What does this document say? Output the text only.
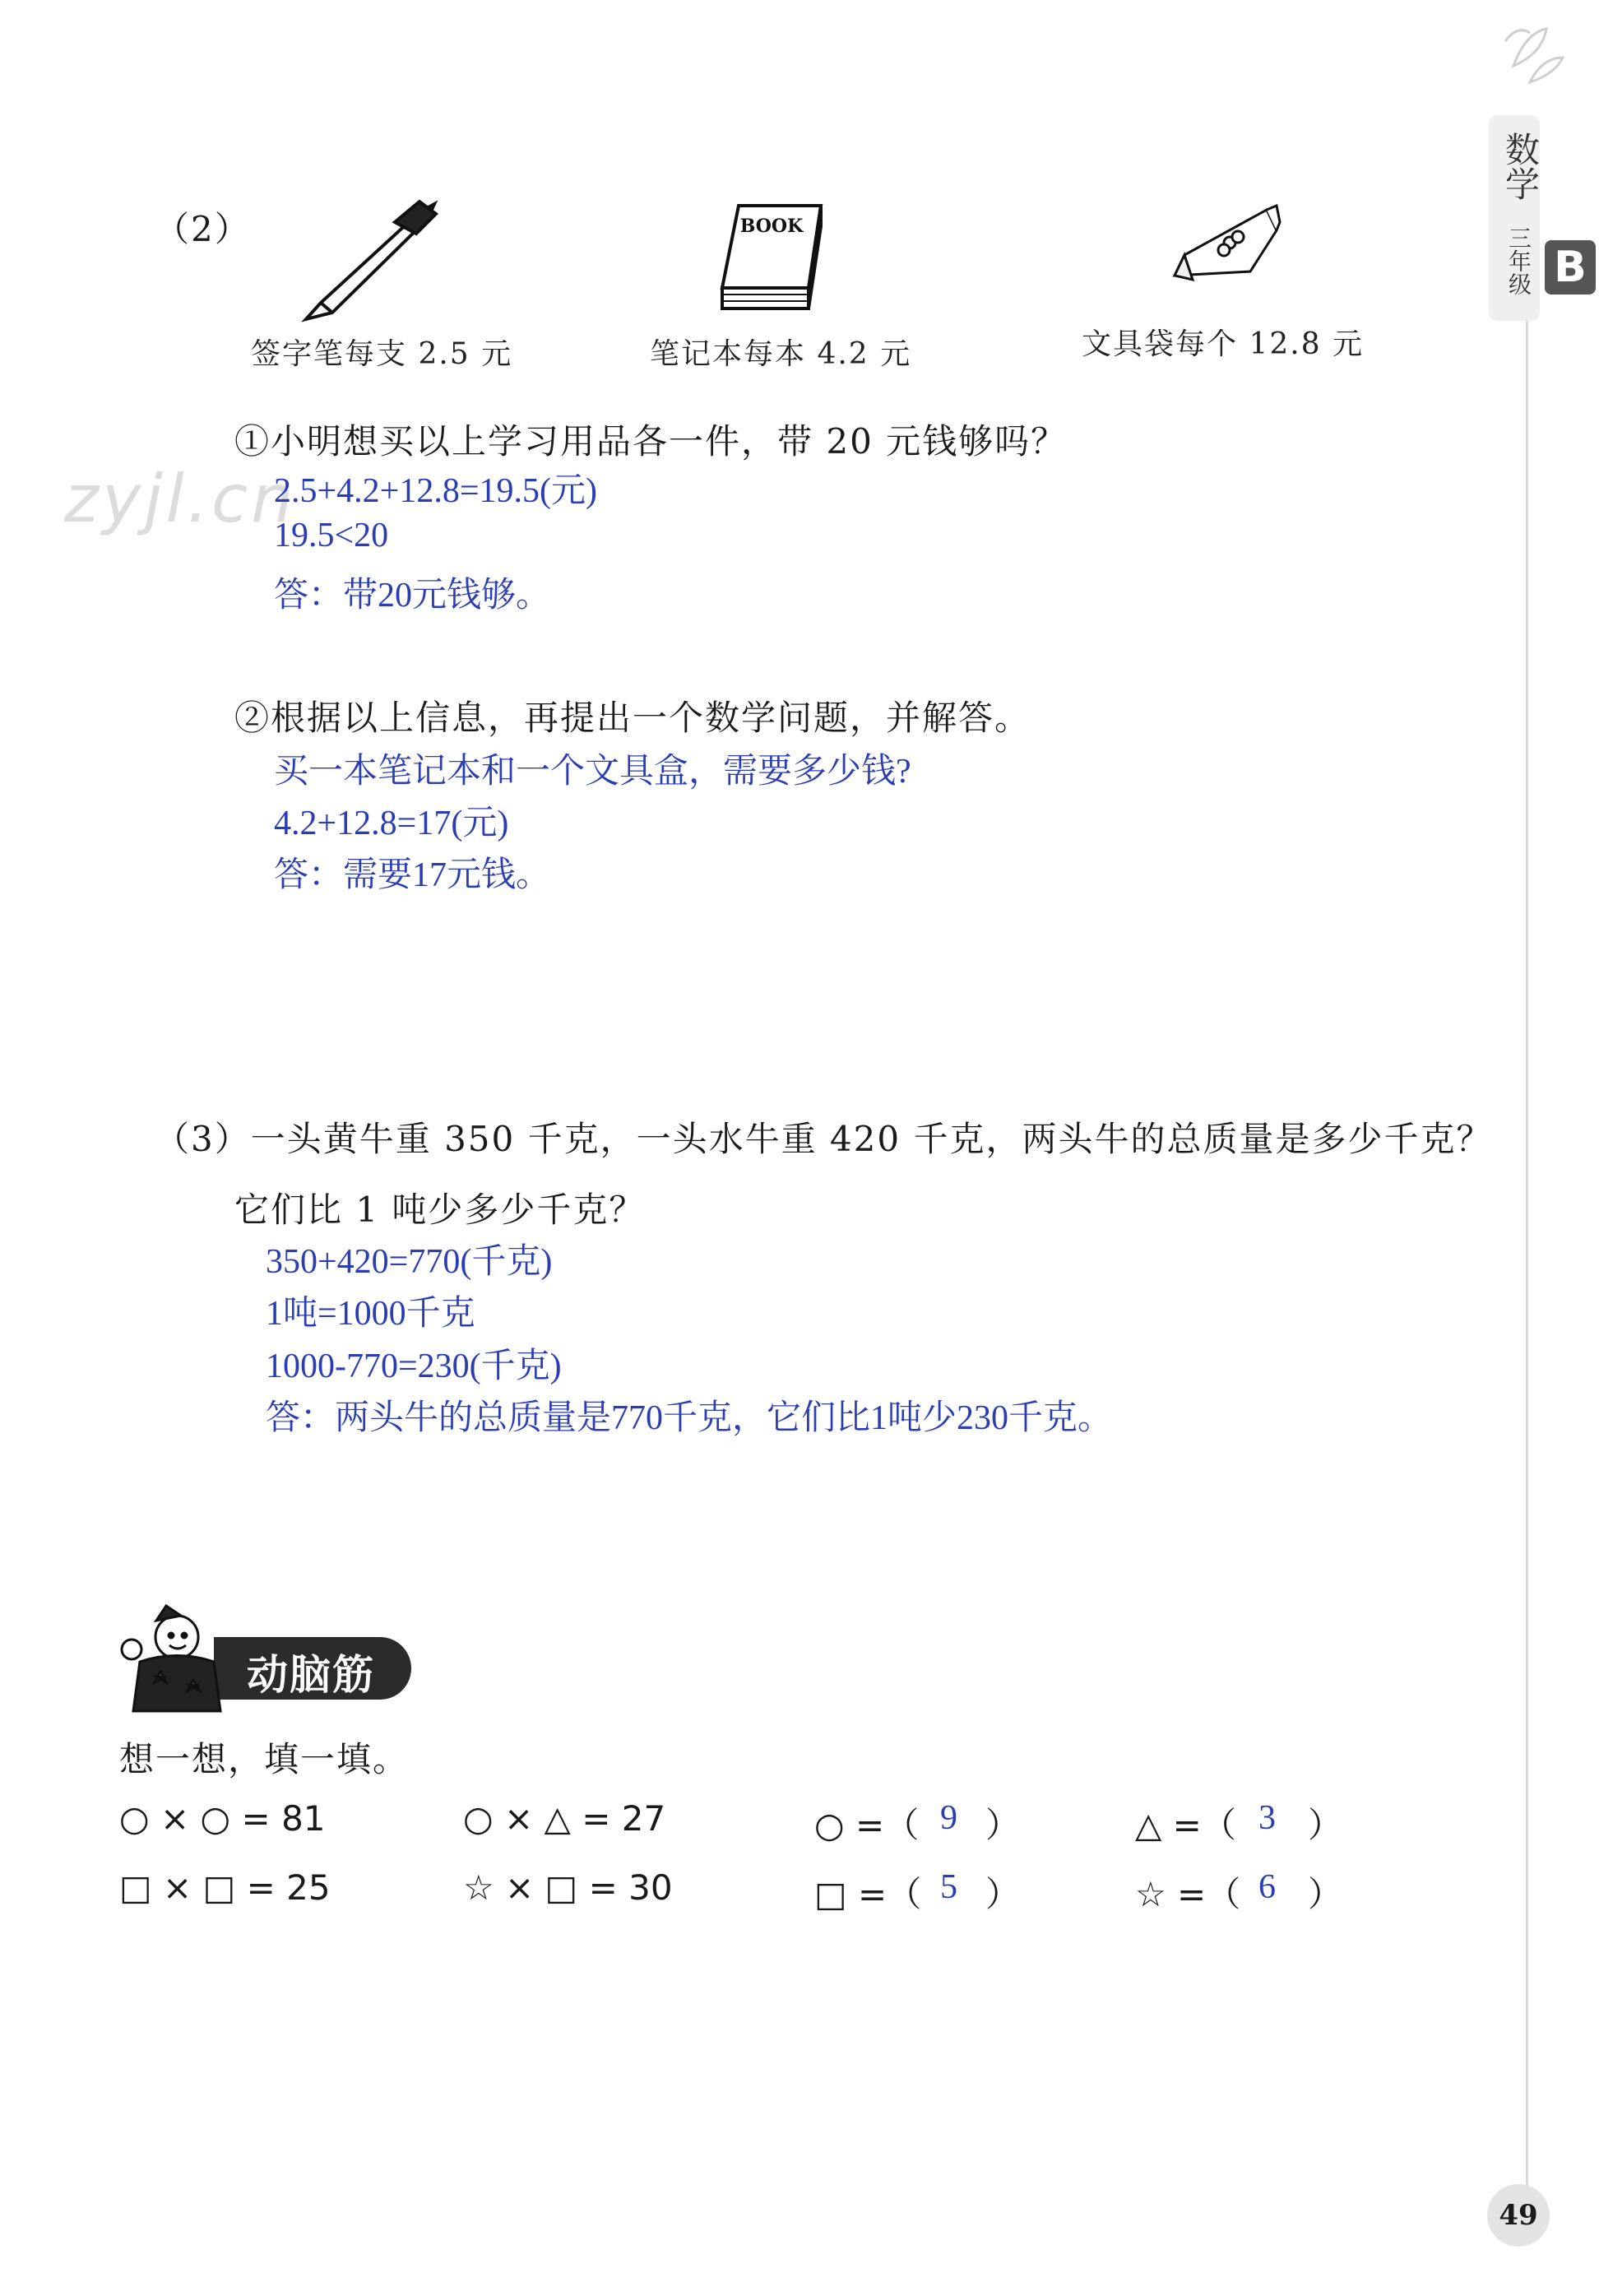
数学
三年级 B
zyjl.cn
（2）	BOOK
签字笔每支 2.5 元	笔记本每本 4.2 元	文具袋每个 12.8 元
①小明想买以上学习用品各一件，带 20 元钱够吗？
2.5+4.2+12.8=19.5(元)
19.5<20
答：带20元钱够。
②根据以上信息，再提出一个数学问题，并解答。
买一本笔记本和一个文具盒，需要多少钱?
4.2+12.8=17(元)
答：需要17元钱。
（3）一头黄牛重 350 千克，一头水牛重 420 千克，两头牛的总质量是多少千克？
它们比 1 吨少多少千克？
350+420=770(千克)
1吨=1000千克
1000-770=230(千克)
答：两头牛的总质量是770千克，它们比1吨少230千克。
动脑筋
想一想，填一填。
○ × ○ = 81	○ × △ = 27	○ =（ 9 ）	△ =（ 3 ）
□ × □ = 25	☆ × □ = 30	□ =（ 5 ）	☆ =（ 6 ）
49
